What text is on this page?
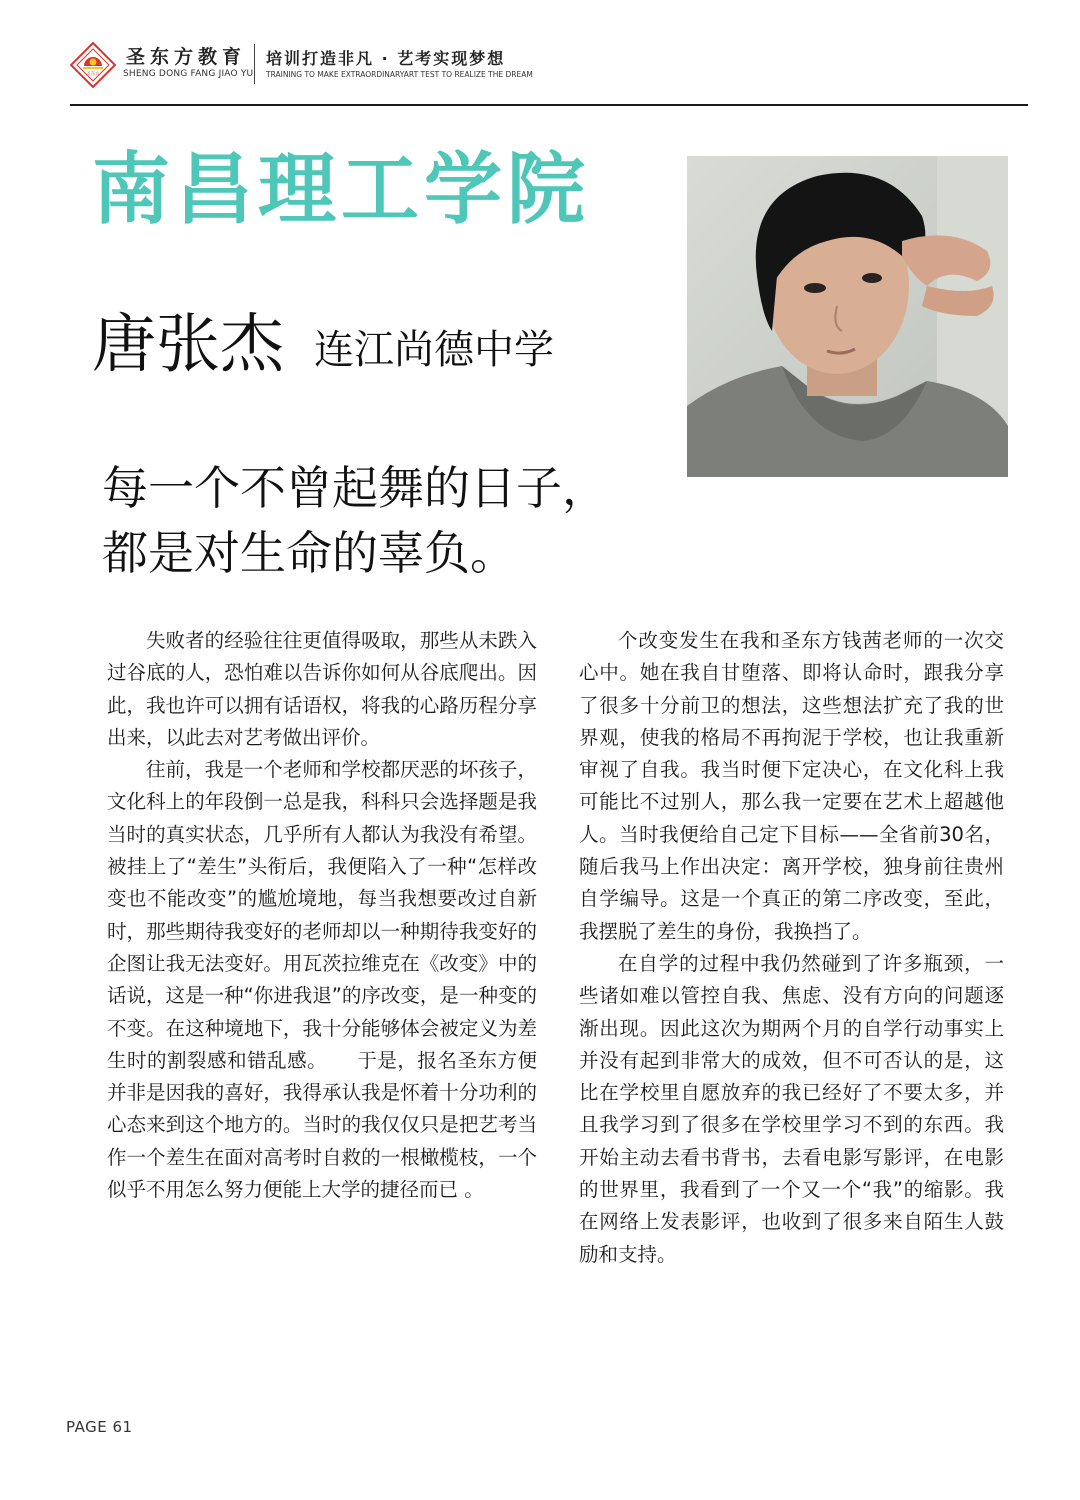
圣东方
圣东方教育
SHENG DONG FANG JIAO YU
培训打造非凡 · 艺考实现梦想
TRAINING TO MAKE EXTRAORDINARYART TEST TO REALIZE THE DREAM
南昌理工学院
唐张杰 连江尚德中学
每一个不曾起舞的日子，
都是对生命的辜负。

失败者的经验往往更值得吸取，那些从未跌入过谷底的人，恐怕难以告诉你如何从谷底爬出。因此，我也许可以拥有话语权，将我的心路历程分享出来，以此去对艺考做出评价。

往前，我是一个老师和学校都厌恶的坏孩子，文化科上的年段倒一总是我，科科只会选择题是我当时的真实状态，几乎所有人都认为我没有希望。被挂上了“差生”头衔后，我便陷入了一种“怎样改变也不能改变”的尴尬境地，每当我想要改过自新时，那些期待我变好的老师却以一种期待我变好的企图让我无法变好。用瓦茨拉维克在《改变》中的话说，这是一种“你进我退”的序改变，是一种变的不变。在这种境地下，我十分能够体会被定义为差生时的割裂感和错乱感。　　于是，报名圣东方便并非是因我的喜好，我得承认我是怀着十分功利的心态来到这个地方的。当时的我仅仅只是把艺考当作一个差生在面对高考时自救的一根橄榄枝，一个似乎不用怎么努力便能上大学的捷径而已 。

个改变发生在我和圣东方钱茜老师的一次交心中。她在我自甘堕落、即将认命时，跟我分享了很多十分前卫的想法，这些想法扩充了我的世界观，使我的格局不再拘泥于学校，也让我重新审视了自我。我当时便下定决心，在文化科上我可能比不过别人，那么我一定要在艺术上超越他人。当时我便给自己定下目标——全省前30名，随后我马上作出决定：离开学校，独身前往贵州自学编导。这是一个真正的第二序改变，至此，我摆脱了差生的身份，我换挡了。

在自学的过程中我仍然碰到了许多瓶颈，一些诸如难以管控自我、焦虑、没有方向的问题逐渐出现。因此这次为期两个月的自学行动事实上并没有起到非常大的成效，但不可否认的是，这比在学校里自愿放弃的我已经好了不要太多，并且我学习到了很多在学校里学习不到的东西。我开始主动去看书背书，去看电影写影评，在电影的世界里，我看到了一个又一个“我”的缩影。我在网络上发表影评，也收到了很多来自陌生人鼓励和支持。

PAGE 61
